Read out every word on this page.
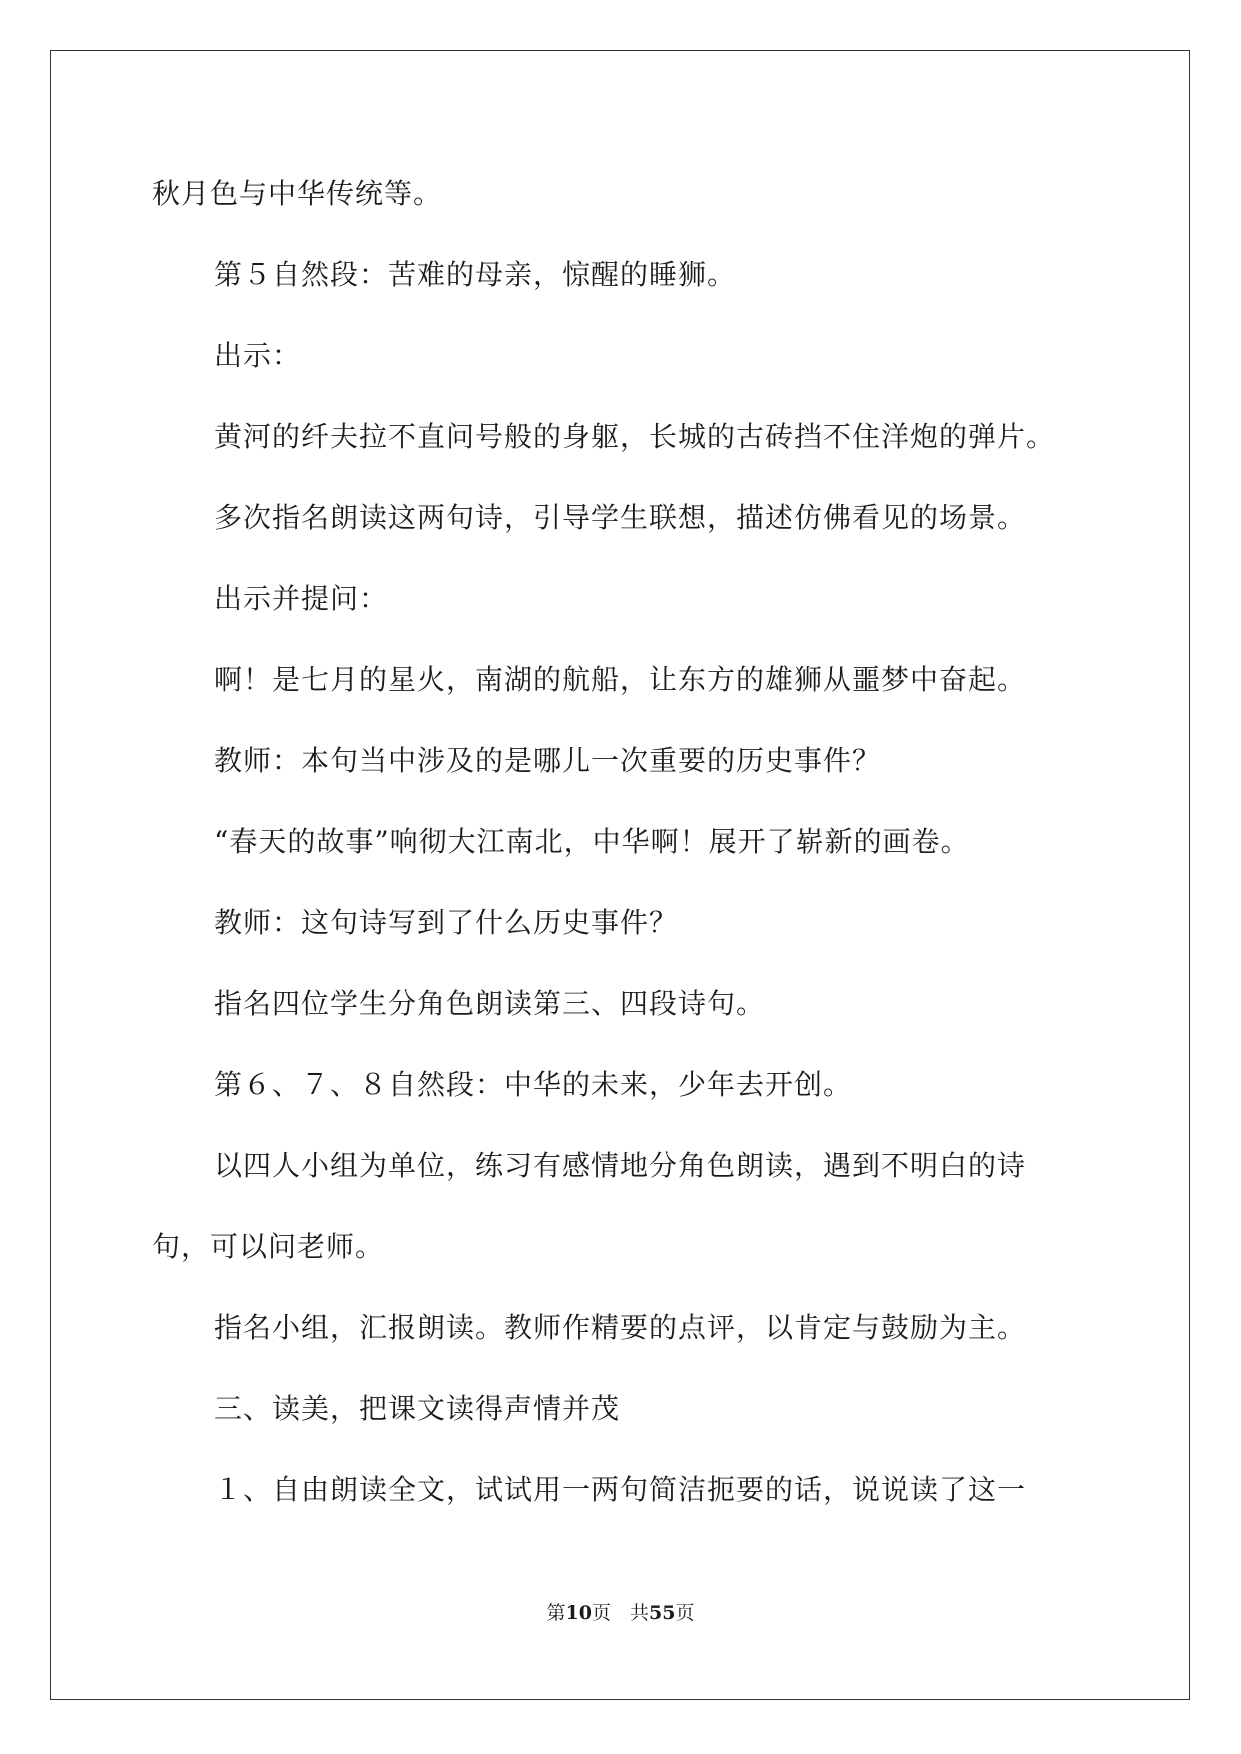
秋月色与中华传统等。
第５自然段：苦难的母亲，惊醒的睡狮。
出示：
黄河的纤夫拉不直问号般的身躯，长城的古砖挡不住洋炮的弹片。
多次指名朗读这两句诗，引导学生联想，描述仿佛看见的场景。
出示并提问：
啊！是七月的星火，南湖的航船，让东方的雄狮从噩梦中奋起。
教师：本句当中涉及的是哪儿一次重要的历史事件？
“春天的故事”响彻大江南北，中华啊！展开了崭新的画卷。
教师：这句诗写到了什么历史事件？
指名四位学生分角色朗读第三、四段诗句。
第６、７、８自然段：中华的未来，少年去开创。
以四人小组为单位，练习有感情地分角色朗读，遇到不明白的诗
句，可以问老师。
指名小组，汇报朗读。教师作精要的点评，以肯定与鼓励为主。
三、读美，把课文读得声情并茂
１、自由朗读全文，试试用一两句简洁扼要的话，说说读了这一
第10页　共55页
